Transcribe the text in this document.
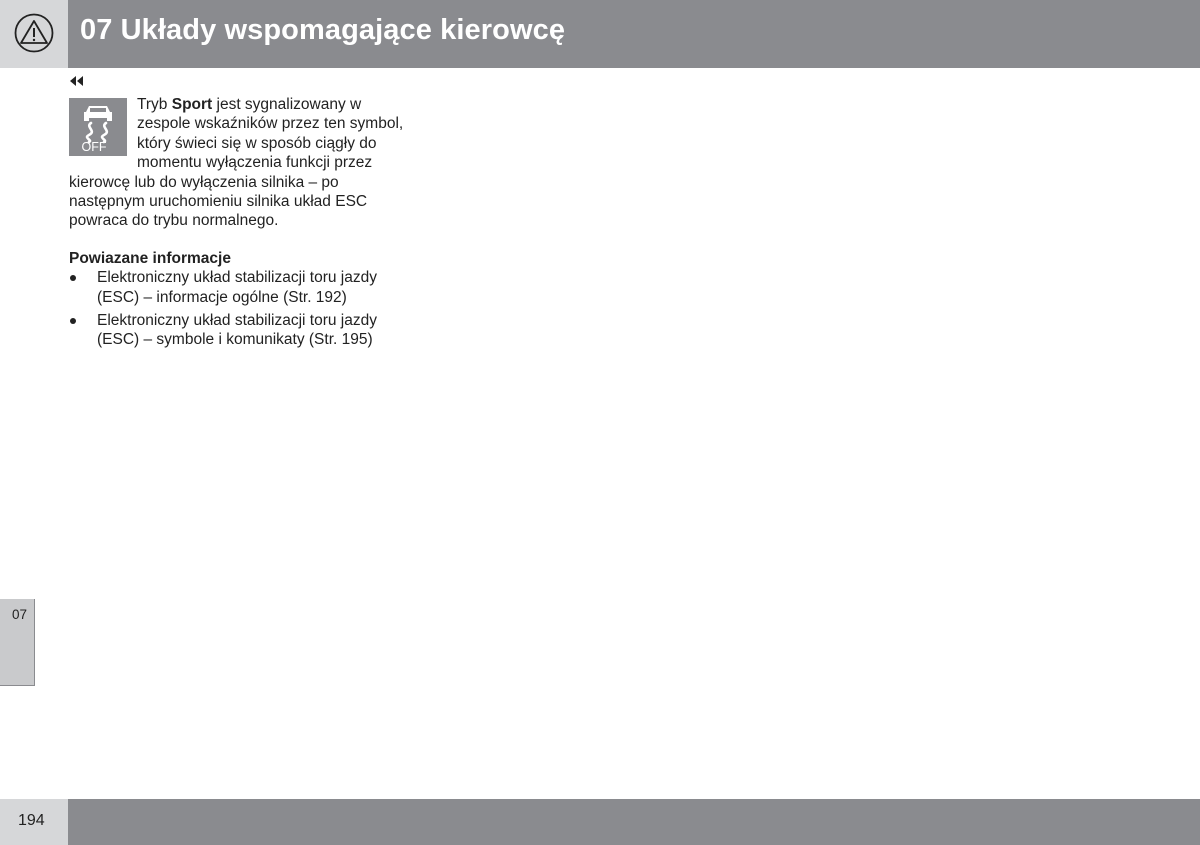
07 Układy wspomagające kierowcę
OFF

Tryb Sport jest sygnalizowany w zespole wskaźników przez ten symbol, który świeci się w sposób ciągły do momentu wyłączenia funkcji przez kierowcę lub do wyłączenia silnika – po następnym uruchomieniu silnika układ ESC powraca do trybu normalnego.

Powiazane informacje
Elektroniczny układ stabilizacji toru jazdy (ESC) – informacje ogólne (Str. 192)
Elektroniczny układ stabilizacji toru jazdy (ESC) – symbole i komunikaty (Str. 195)
07
194
